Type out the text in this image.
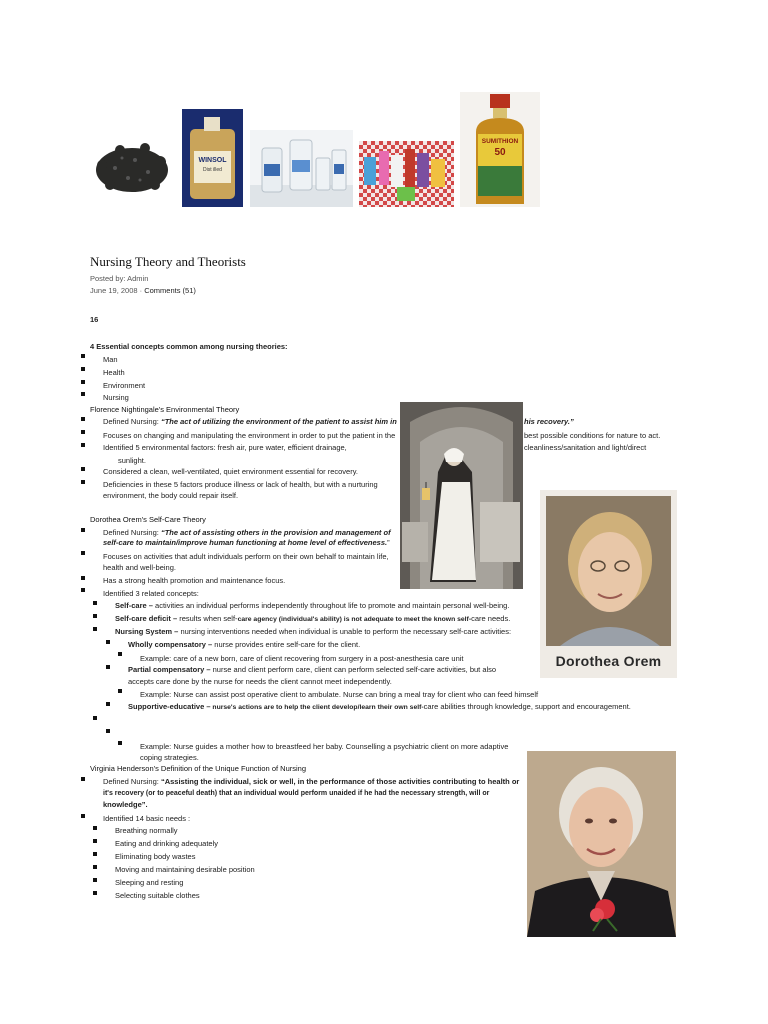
WINSOL
Dist illed
SUMITHION
50
Nursing Theory and Theorists
Posted by: Admin
June 19, 2008 · Comments (51)
16
4 Essential concepts common among nursing theories:
Man
Health
Environment
Nursing
Florence Nightingale's Environmental Theory
Defined Nursing: “The act of utilizing the environment of the patient to assist him in	his recovery.”
Focuses on changing and manipulating the environment in order to put the patient in the	best possible conditions for nature to act.
Identified 5 environmental factors: fresh air, pure water, efficient drainage,	cleanliness/sanitation and light/direct
sunlight.
Considered a clean, well-ventilated, quiet environment essential for recovery.
Deficiencies in these 5 factors produce illness or lack of health, but with a nurturing
environment, the body could repair itself.
Dorothea Orem's Self-Care Theory
Defined Nursing: “The act of assisting others in the provision and management of
self-care to maintain/improve human functioning at home level of effectiveness.”
Focuses on activities that adult individuals perform on their own behalf to maintain life,
health and well-being.
Has a strong health promotion and maintenance focus.
Identified 3 related concepts:
Self-care – activities an individual performs independently throughout life to promote and maintain personal well-being.
Self-care deficit – results when self-care agency (individual's ability) is not adequate to meet the known self-care needs.
Nursing System – nursing interventions needed when individual is unable to perform the necessary self-care activities:
Wholly compensatory – nurse provides entire self-care for the client.
Example: care of a new born, care of client recovering from surgery in a post-anesthesia care unit
Partial compensatory – nurse and client perform care, client can perform selected self-care activities, but also
accepts care done by the nurse for needs the client cannot meet independently.
Example: Nurse can assist post operative client to ambulate. Nurse can bring a meal tray for client who can feed himself
Supportive-educative – nurse's actions are to help the client develop/learn their own self-care abilities through knowledge, support and encouragement.
Example: Nurse guides a mother how to breastfeed her baby. Counselling a psychiatric client on more adaptive
coping strategies.
Dorothea Orem
Virginia Henderson's Definition of the Unique Function of Nursing
Defined Nursing: “Assisting the individual, sick or well, in the performance of those activities contributing to health or
it's recovery (or to peaceful death) that an individual would perform unaided if he had the necessary strength, will or
knowledge”.
Identified 14 basic needs :
Breathing normally
Eating and drinking adequately
Eliminating body wastes
Moving and maintaining desirable position
Sleeping and resting
Selecting suitable clothes
